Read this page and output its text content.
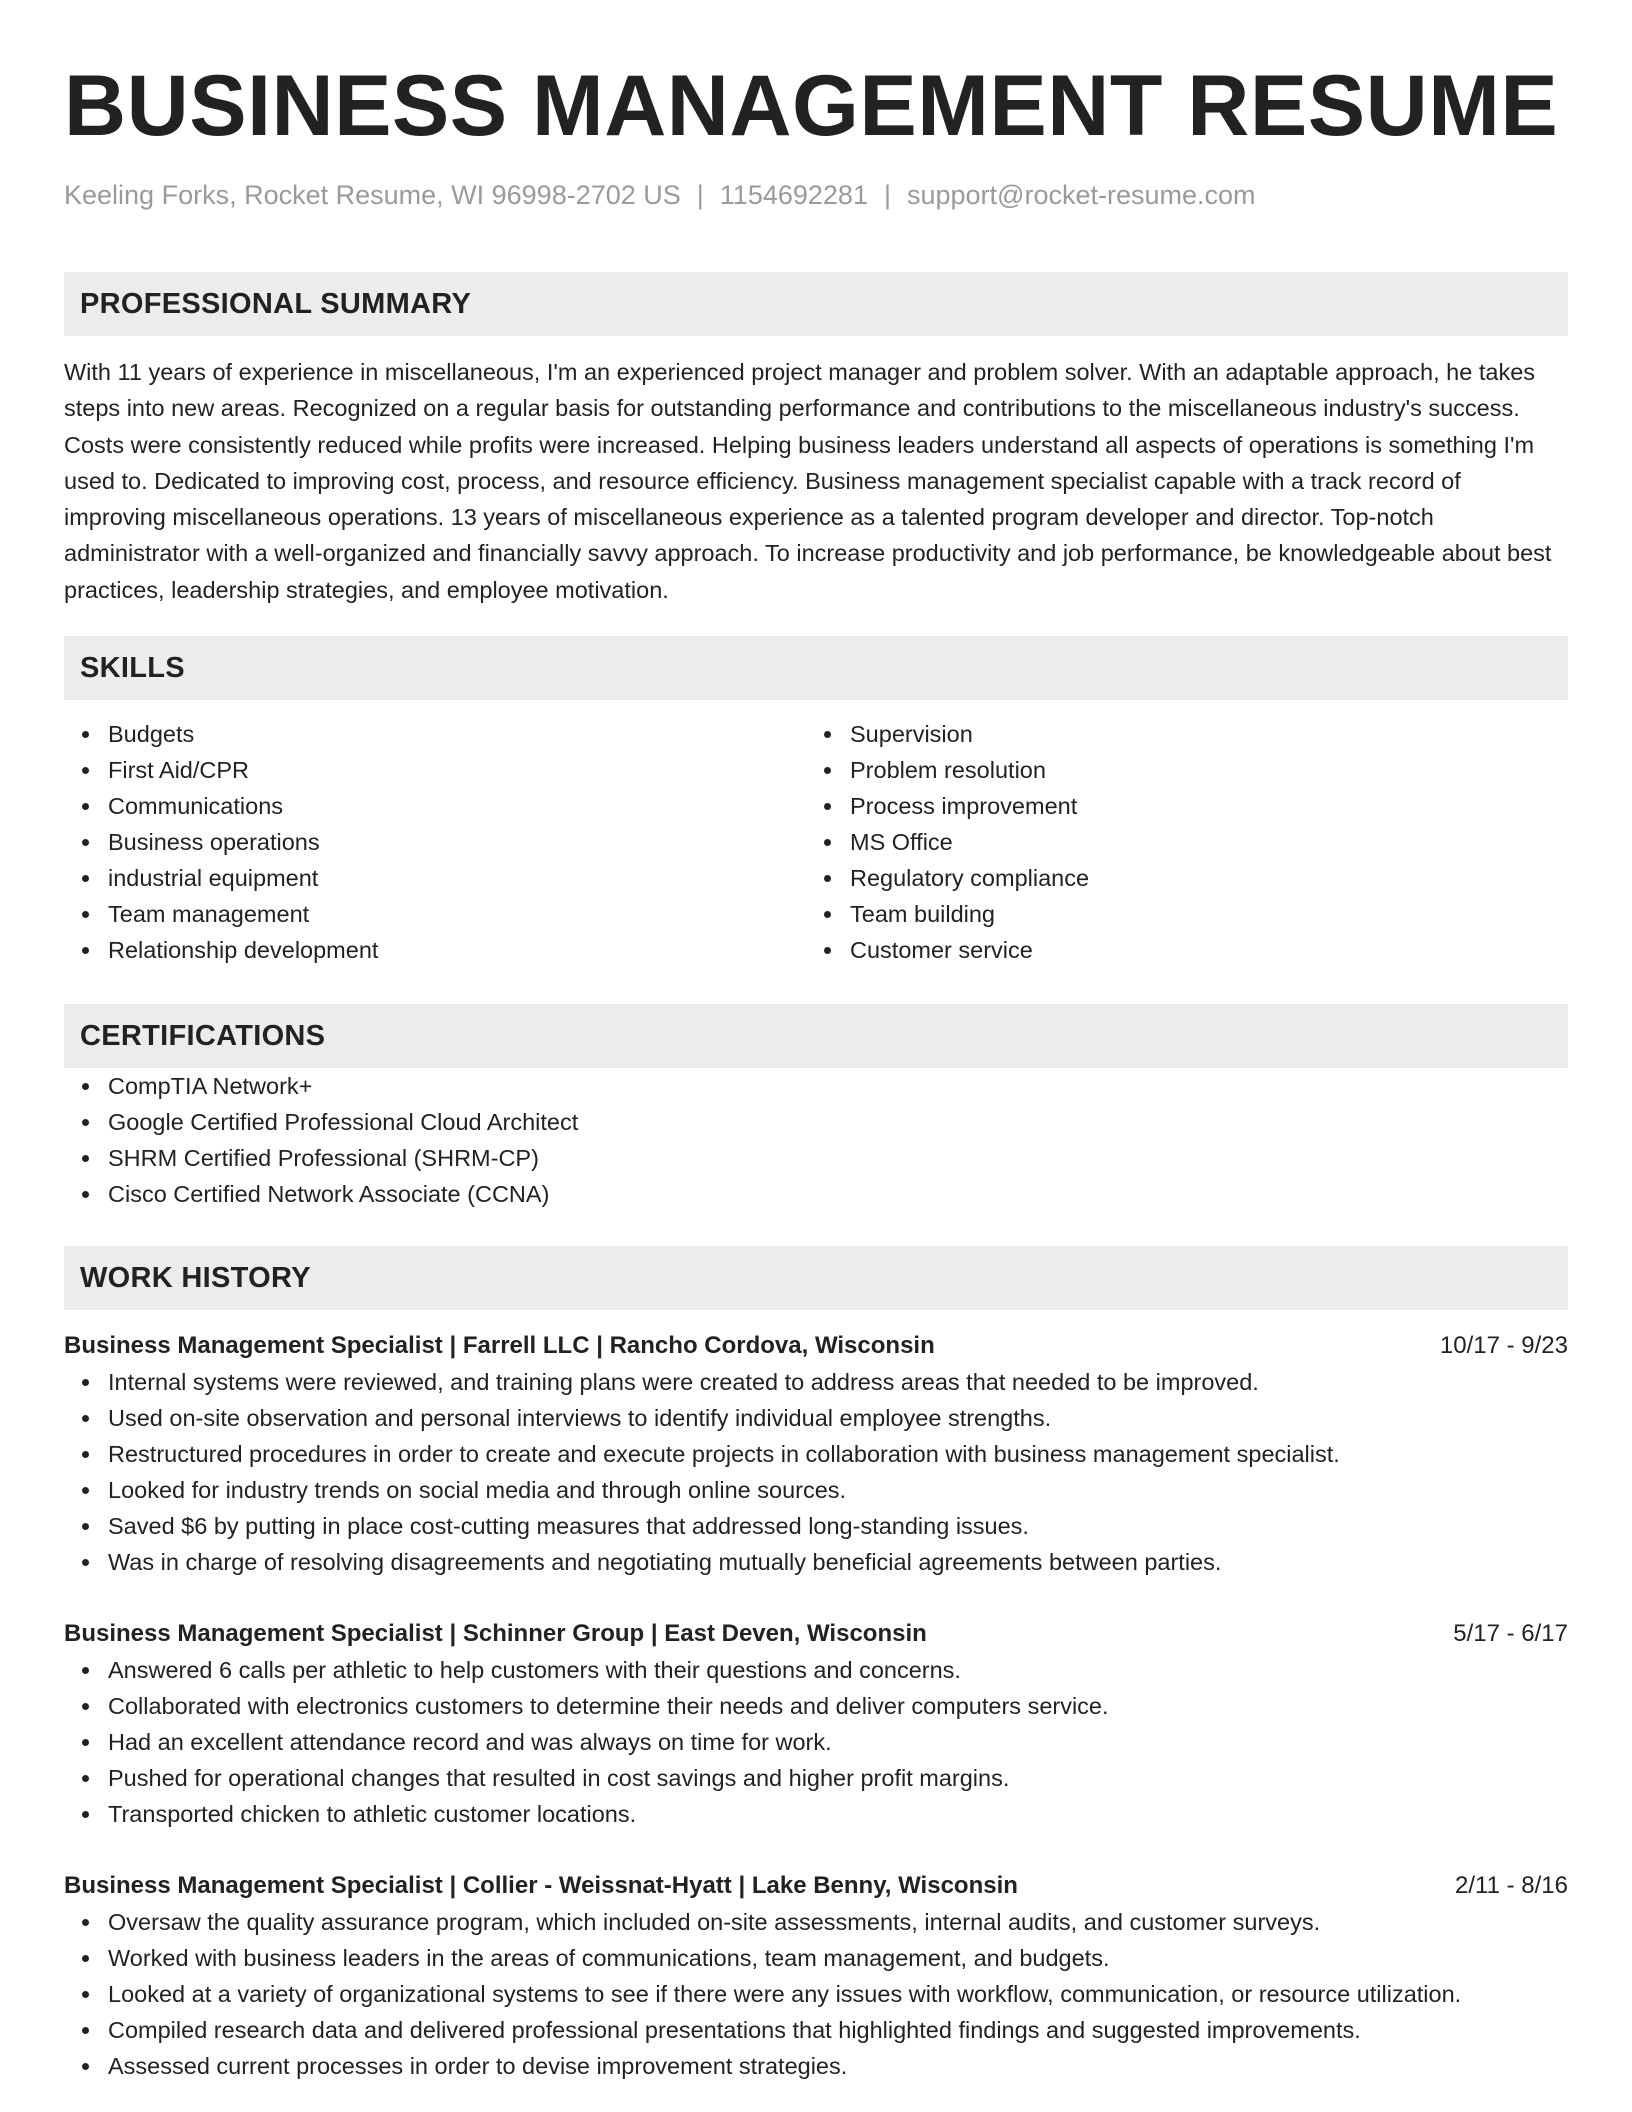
BUSINESS MANAGEMENT RESUME
Keeling Forks, Rocket Resume, WI 96998-2702 US | 1154692281 | support@rocket-resume.com
PROFESSIONAL SUMMARY

With 11 years of experience in miscellaneous, I'm an experienced project manager and problem solver. With an adaptable approach, he takes steps into new areas. Recognized on a regular basis for outstanding performance and contributions to the miscellaneous industry's success. Costs were consistently reduced while profits were increased. Helping business leaders understand all aspects of operations is something I'm used to. Dedicated to improving cost, process, and resource efficiency. Business management specialist capable with a track record of improving miscellaneous operations. 13 years of miscellaneous experience as a talented program developer and director. Top-notch administrator with a well-organized and financially savvy approach. To increase productivity and job performance, be knowledgeable about best practices, leadership strategies, and employee motivation.

SKILLS
Budgets
First Aid/CPR
Communications
Business operations
industrial equipment
Team management
Relationship development
Supervision
Problem resolution
Process improvement
MS Office
Regulatory compliance
Team building
Customer service
CERTIFICATIONS
CompTIA Network+
Google Certified Professional Cloud Architect
SHRM Certified Professional (SHRM-CP)
Cisco Certified Network Associate (CCNA)
WORK HISTORY
Business Management Specialist | Farrell LLC | Rancho Cordova, Wisconsin	10/17 - 9/23
Internal systems were reviewed, and training plans were created to address areas that needed to be improved.
Used on-site observation and personal interviews to identify individual employee strengths.
Restructured procedures in order to create and execute projects in collaboration with business management specialist.
Looked for industry trends on social media and through online sources.
Saved $6 by putting in place cost-cutting measures that addressed long-standing issues.
Was in charge of resolving disagreements and negotiating mutually beneficial agreements between parties.
Business Management Specialist | Schinner Group | East Deven, Wisconsin	5/17 - 6/17
Answered 6 calls per athletic to help customers with their questions and concerns.
Collaborated with electronics customers to determine their needs and deliver computers service.
Had an excellent attendance record and was always on time for work.
Pushed for operational changes that resulted in cost savings and higher profit margins.
Transported chicken to athletic customer locations.
Business Management Specialist | Collier - Weissnat-Hyatt | Lake Benny, Wisconsin	2/11 - 8/16
Oversaw the quality assurance program, which included on-site assessments, internal audits, and customer surveys.
Worked with business leaders in the areas of communications, team management, and budgets.
Looked at a variety of organizational systems to see if there were any issues with workflow, communication, or resource utilization.
Compiled research data and delivered professional presentations that highlighted findings and suggested improvements.
Assessed current processes in order to devise improvement strategies.
